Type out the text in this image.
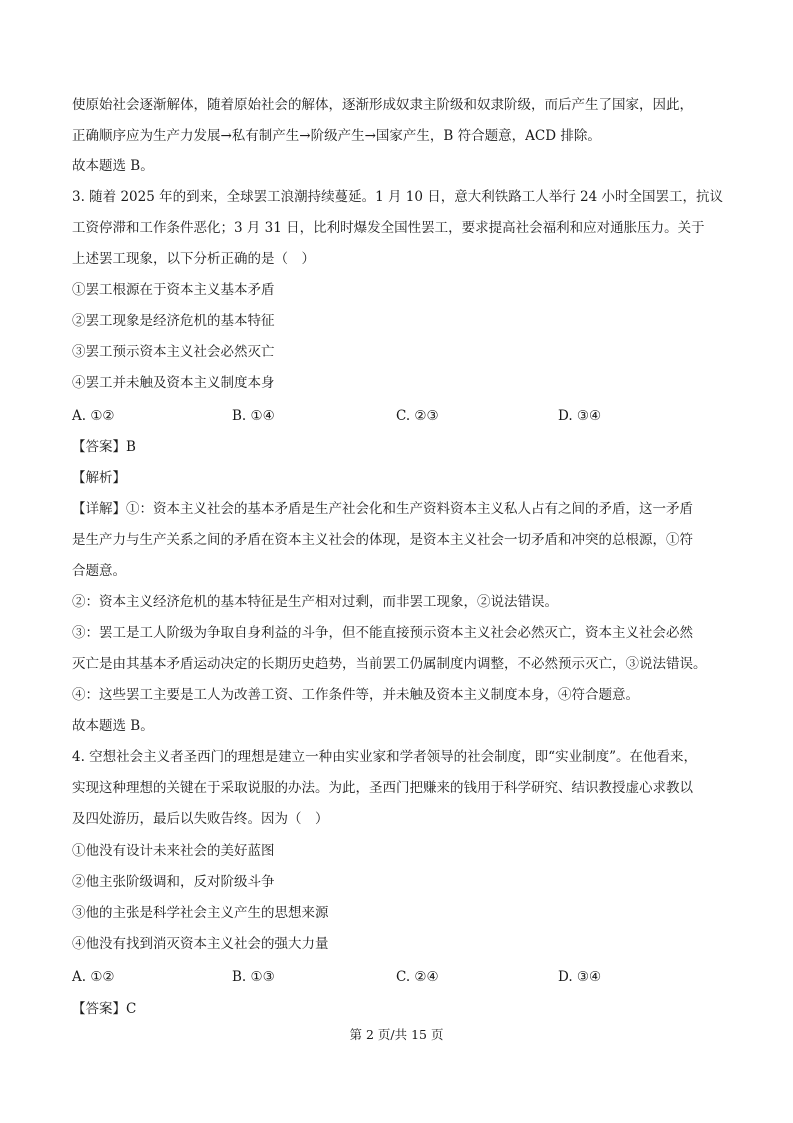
使原始社会逐渐解体，随着原始社会的解体，逐渐形成奴隶主阶级和奴隶阶级，而后产生了国家，因此，
正确顺序应为生产力发展→私有制产生→阶级产生→国家产生，B 符合题意，ACD 排除。
故本题选 B。
3. 随着 2025 年的到来，全球罢工浪潮持续蔓延。1 月 10 日，意大利铁路工人举行 24 小时全国罢工，抗议
工资停滞和工作条件恶化；3 月 31 日，比利时爆发全国性罢工，要求提高社会福利和应对通胀压力。关于
上述罢工现象，以下分析正确的是（　）
①罢工根源在于资本主义基本矛盾
②罢工现象是经济危机的基本特征
③罢工预示资本主义社会必然灭亡
④罢工并未触及资本主义制度本身
A. ①②	B. ①④	C. ②③	D. ③④
【答案】B
【解析】
【详解】①：资本主义社会的基本矛盾是生产社会化和生产资料资本主义私人占有之间的矛盾，这一矛盾
是生产力与生产关系之间的矛盾在资本主义社会的体现，是资本主义社会一切矛盾和冲突的总根源，①符
合题意。
②：资本主义经济危机的基本特征是生产相对过剩，而非罢工现象，②说法错误。
③：罢工是工人阶级为争取自身利益的斗争，但不能直接预示资本主义社会必然灭亡，资本主义社会必然
灭亡是由其基本矛盾运动决定的长期历史趋势，当前罢工仍属制度内调整，不必然预示灭亡，③说法错误。
④：这些罢工主要是工人为改善工资、工作条件等，并未触及资本主义制度本身，④符合题意。
故本题选 B。
4. 空想社会主义者圣西门的理想是建立一种由实业家和学者领导的社会制度，即“实业制度”。在他看来，
实现这种理想的关键在于采取说服的办法。为此，圣西门把赚来的钱用于科学研究、结识教授虚心求教以
及四处游历，最后以失败告终。因为（　）
①他没有设计未来社会的美好蓝图
②他主张阶级调和，反对阶级斗争
③他的主张是科学社会主义产生的思想来源
④他没有找到消灭资本主义社会的强大力量
A. ①②	B. ①③	C. ②④	D. ③④
【答案】C
第 2 页/共 15 页
